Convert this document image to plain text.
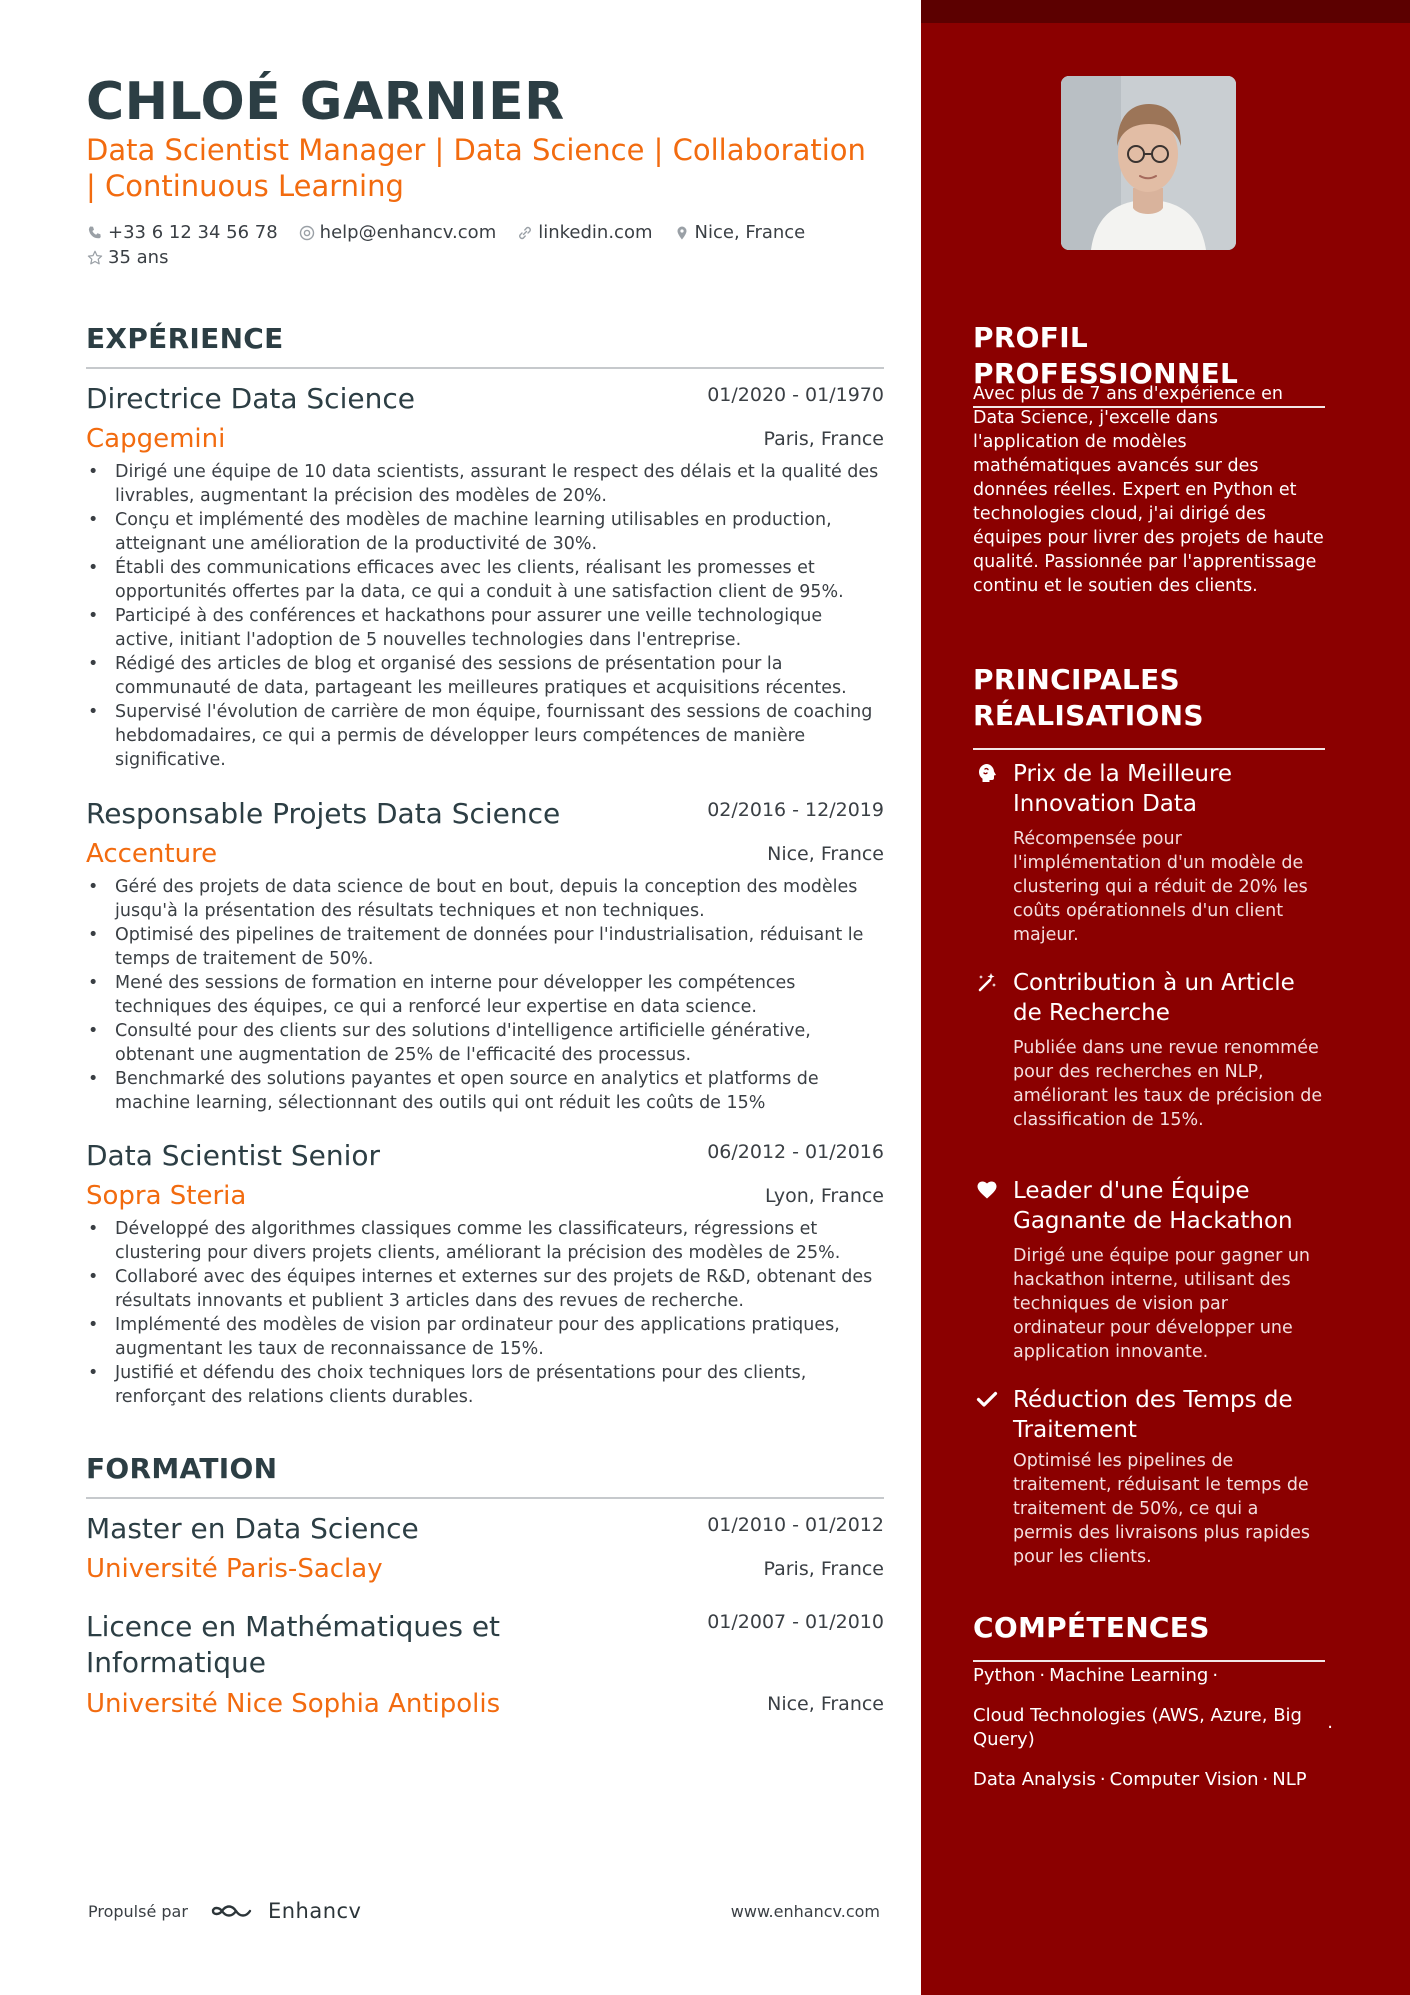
CHLOÉ GARNIER
Data Scientist Manager | Data Science | Collaboration | Continuous Learning
+33 6 12 34 56 78 help@enhancv.com linkedin.com Nice, France
35 ans
EXPÉRIENCE
Directrice Data Science	01/2020 - 01/1970
Capgemini	Paris, France
• Dirigé une équipe de 10 data scientists, assurant le respect des délais et la qualité des livrables, augmentant la précision des modèles de 20%.
• Conçu et implémenté des modèles de machine learning utilisables en production, atteignant une amélioration de la productivité de 30%.
• Établi des communications efficaces avec les clients, réalisant les promesses et opportunités offertes par la data, ce qui a conduit à une satisfaction client de 95%.
• Participé à des conférences et hackathons pour assurer une veille technologique active, initiant l'adoption de 5 nouvelles technologies dans l'entreprise.
• Rédigé des articles de blog et organisé des sessions de présentation pour la communauté de data, partageant les meilleures pratiques et acquisitions récentes.
• Supervisé l'évolution de carrière de mon équipe, fournissant des sessions de coaching hebdomadaires, ce qui a permis de développer leurs compétences de manière significative.
Responsable Projets Data Science	02/2016 - 12/2019
Accenture	Nice, France
• Géré des projets de data science de bout en bout, depuis la conception des modèles jusqu'à la présentation des résultats techniques et non techniques.
• Optimisé des pipelines de traitement de données pour l'industrialisation, réduisant le temps de traitement de 50%.
• Mené des sessions de formation en interne pour développer les compétences techniques des équipes, ce qui a renforcé leur expertise en data science.
• Consulté pour des clients sur des solutions d'intelligence artificielle générative, obtenant une augmentation de 25% de l'efficacité des processus.
• Benchmarké des solutions payantes et open source en analytics et platforms de machine learning, sélectionnant des outils qui ont réduit les coûts de 15%
Data Scientist Senior	06/2012 - 01/2016
Sopra Steria	Lyon, France
• Développé des algorithmes classiques comme les classificateurs, régressions et clustering pour divers projets clients, améliorant la précision des modèles de 25%.
• Collaboré avec des équipes internes et externes sur des projets de R&D, obtenant des résultats innovants et publient 3 articles dans des revues de recherche.
• Implémenté des modèles de vision par ordinateur pour des applications pratiques, augmentant les taux de reconnaissance de 15%.
• Justifié et défendu des choix techniques lors de présentations pour des clients, renforçant des relations clients durables.
FORMATION
Master en Data Science	01/2010 - 01/2012
Université Paris-Saclay	Paris, France
Licence en Mathématiques et Informatique
01/2007 - 01/2010
Université Nice Sophia Antipolis	Nice, France
Propulsé par	Enhancv	www.enhancv.com
PROFIL PROFESSIONNEL

Avec plus de 7 ans d'expérience en Data Science, j'excelle dans l'application de modèles mathématiques avancés sur des données réelles. Expert en Python et technologies cloud, j'ai dirigé des équipes pour livrer des projets de haute qualité. Passionnée par l'apprentissage continu et le soutien des clients.

PRINCIPALES RÉALISATIONS
Prix de la Meilleure Innovation Data
Récompensée pour l'implémentation d'un modèle de clustering qui a réduit de 20% les coûts opérationnels d'un client majeur.
Contribution à un Article de Recherche
Publiée dans une revue renommée pour des recherches en NLP, améliorant les taux de précision de classification de 15%.
Leader d'une Équipe Gagnante de Hackathon
Dirigé une équipe pour gagner un hackathon interne, utilisant des techniques de vision par ordinateur pour développer une application innovante.
Réduction des Temps de Traitement
Optimisé les pipelines de traitement, réduisant le temps de traitement de 50%, ce qui a permis des livraisons plus rapides pour les clients.
COMPÉTENCES
Python · Machine Learning ·
Cloud Technologies (AWS, Azure, Big Query)
·
Data Analysis · Computer Vision · NLP
